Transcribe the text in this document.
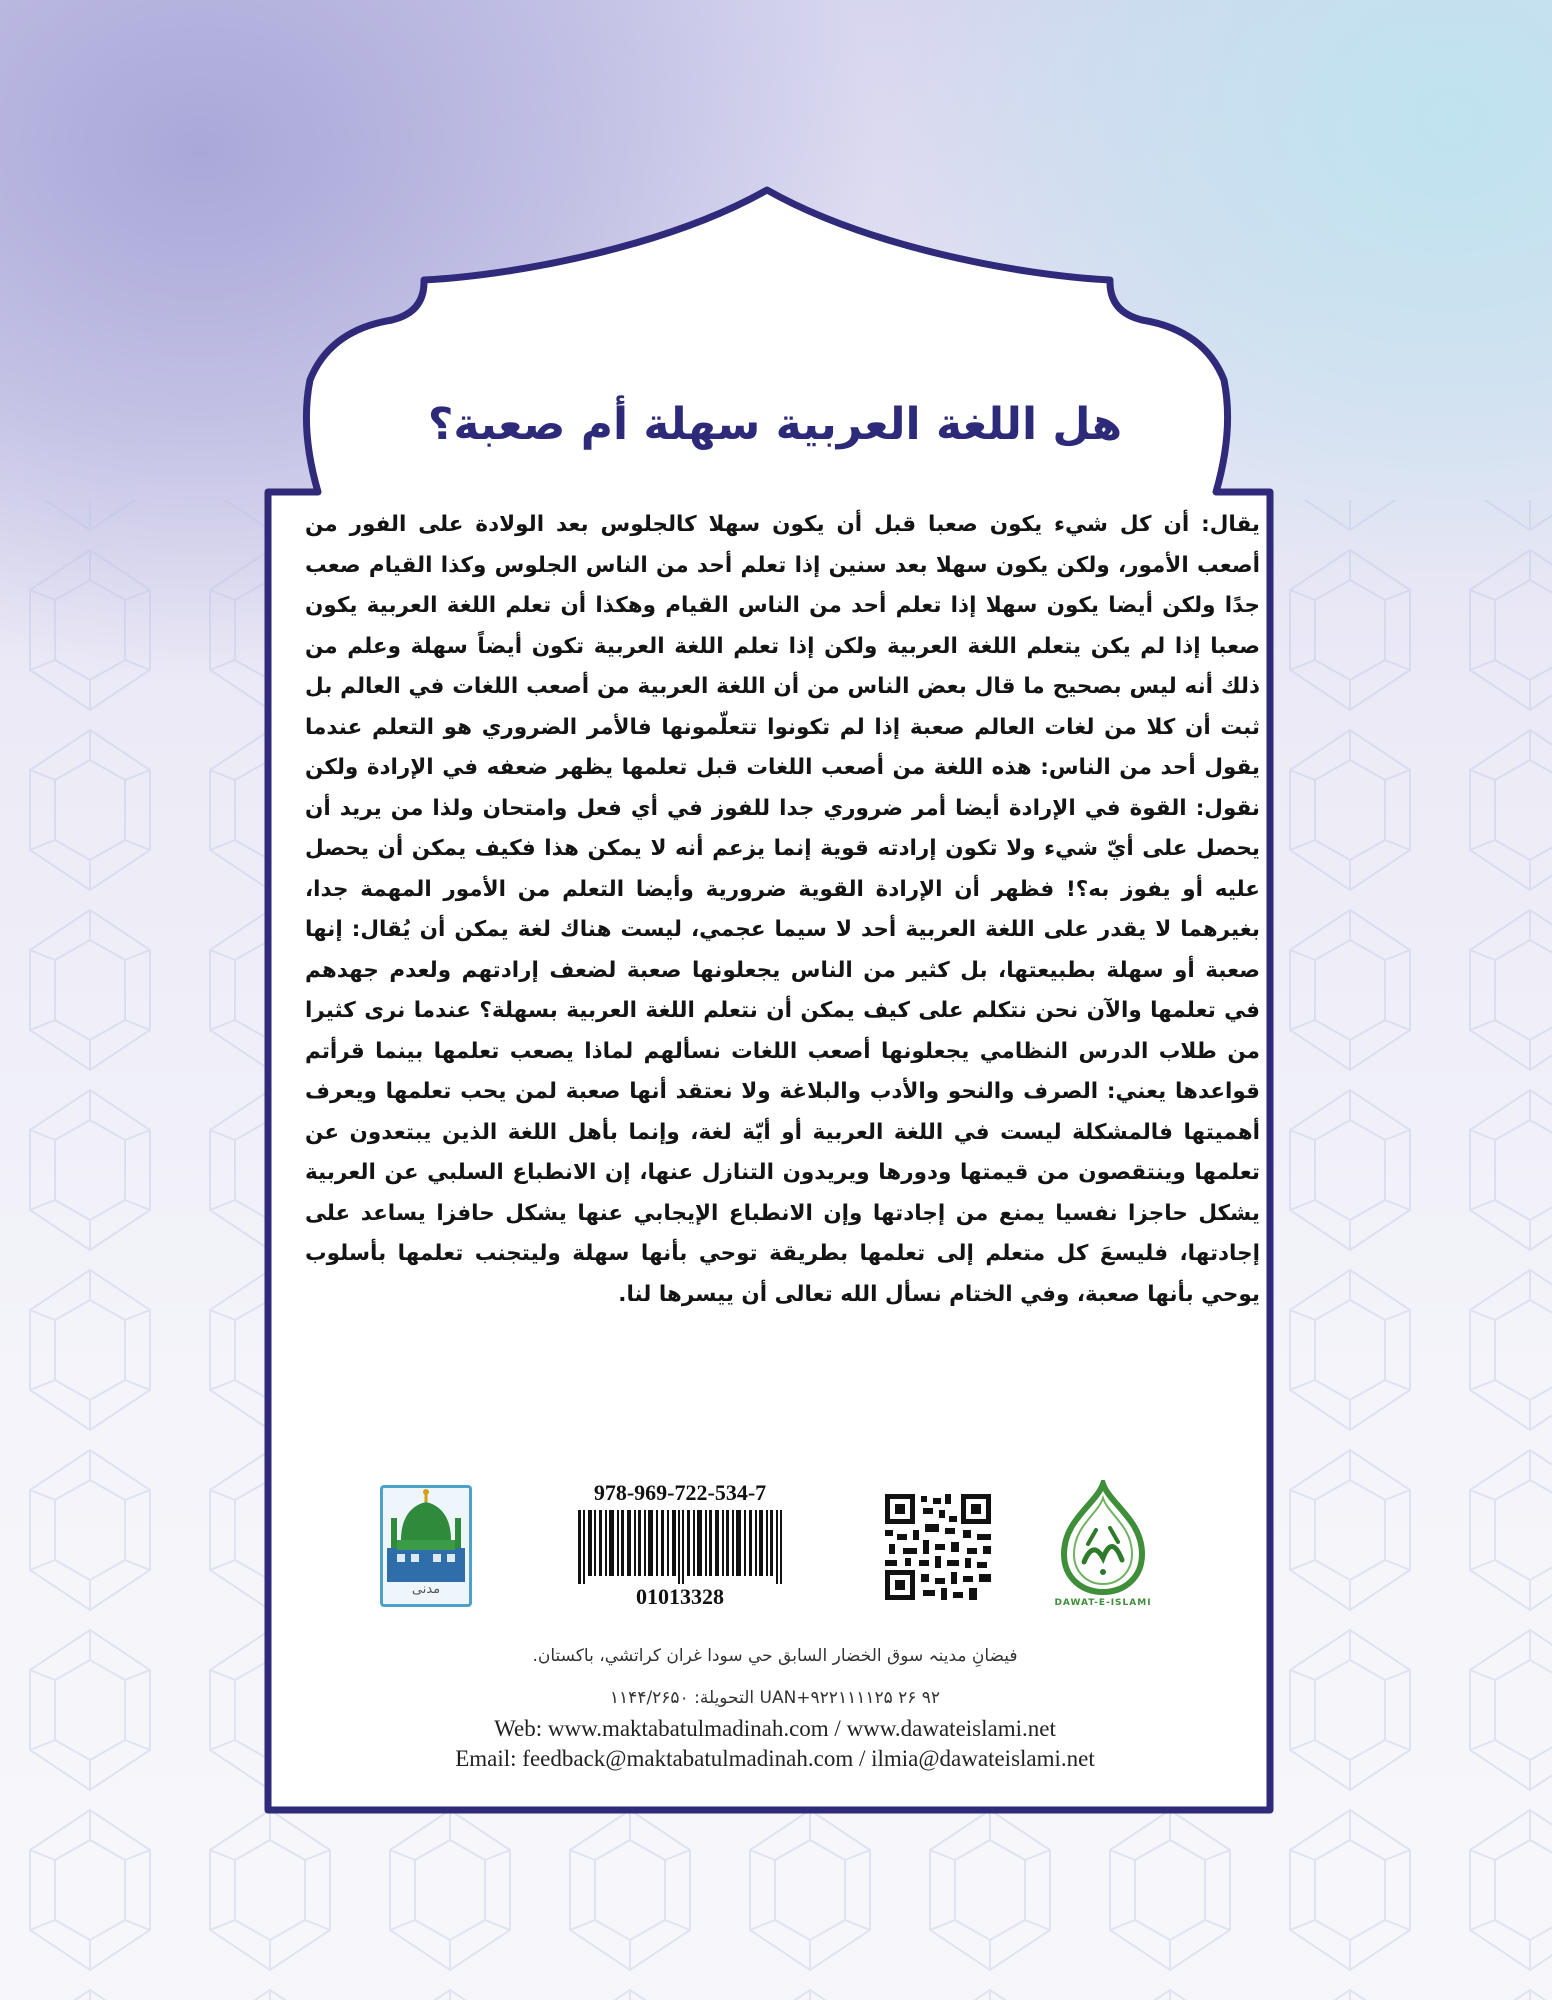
هل اللغة العربية سهلة أم صعبة؟
يقال: أن كل شيء يكون صعبا قبل أن يكون سهلا كالجلوس بعد الولادة على الفور من أصعب الأمور، ولكن يكون سهلا بعد سنين إذا تعلم أحد من الناس الجلوس وكذا القيام صعب جدًا ولكن أيضا يكون سهلا إذا تعلم أحد من الناس القيام وهكذا أن تعلم اللغة العربية يكون صعبا إذا لم يكن يتعلم اللغة العربية ولكن إذا تعلم اللغة العربية تكون أيضاً سهلة وعلم من ذلك أنه ليس بصحيح ما قال بعض الناس من أن اللغة العربية من أصعب اللغات في العالم بل ثبت أن كلا من لغات العالم صعبة إذا لم تكونوا تتعلّمونها فالأمر الضروري هو التعلم عندما يقول أحد من الناس: هذه اللغة من أصعب اللغات قبل تعلمها يظهر ضعفه في الإرادة ولكن نقول: القوة في الإرادة أيضا أمر ضروري جدا للفوز في أي فعل وامتحان ولذا من يريد أن يحصل على أيّ شيء ولا تكون إرادته قوية إنما يزعم أنه لا يمكن هذا فكيف يمكن أن يحصل عليه أو يفوز به؟! فظهر أن الإرادة القوية ضرورية وأيضا التعلم من الأمور المهمة جدا، بغيرهما لا يقدر على اللغة العربية أحد لا سيما عجمي، ليست هناك لغة يمكن أن يُقال: إنها صعبة أو سهلة بطبيعتها، بل كثير من الناس يجعلونها صعبة لضعف إرادتهم ولعدم جهدهم في تعلمها والآن نحن نتكلم على كيف يمكن أن نتعلم اللغة العربية بسهلة؟ عندما نرى كثيرا من طلاب الدرس النظامي يجعلونها أصعب اللغات نسألهم لماذا يصعب تعلمها بينما قرأتم قواعدها يعني: الصرف والنحو والأدب والبلاغة ولا نعتقد أنها صعبة لمن يحب تعلمها ويعرف أهميتها فالمشكلة ليست في اللغة العربية أو أيّة لغة، وإنما بأهل اللغة الذين يبتعدون عن تعلمها وينتقصون من قيمتها ودورها ويريدون التنازل عنها، إن الانطباع السلبي عن العربية يشكل حاجزا نفسيا يمنع من إجادتها وإن الانطباع الإيجابي عنها يشكل حافزا يساعد على إجادتها، فليسعَ كل متعلم إلى تعلمها بطريقة توحي بأنها سهلة وليتجنب تعلمها بأسلوب يوحي بأنها صعبة، وفي الختام نسأل الله تعالى أن ييسرها لنا.
مدنی
978-969-722-534-7
01013328	DAWAT-E-ISLAMI
فیضانِ مدینہ سوق الخضار السابق حي سودا غران کراتشي، باکستان.
UAN+۹۲۲۱۱۱۱۲۵ ۲۶ ۹۲ التحويلة: ۱۱۴۴/۲۶۵۰
Web: www.maktabatulmadinah.com / www.dawateislami.net
Email: feedback@maktabatulmadinah.com / ilmia@dawateislami.net
